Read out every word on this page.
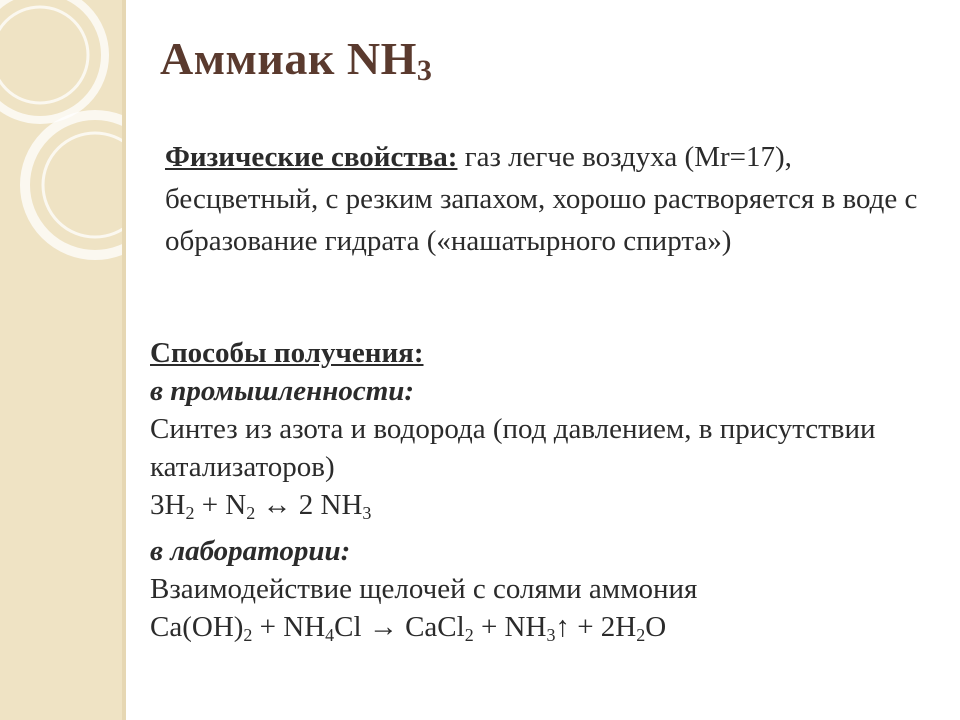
Аммиак $NH_3$

Физические свойства: газ легче воздуха (Mr=17), бесцветный, с резким запахом, хорошо растворяется в воде с образование гидрата («нашатырного спирта»)

Способы получения:

в промышленности:

Синтез из азота и водорода (под давлением, в присутствии катализаторов)

$3H_2 + N_2$ ↔ 2 $NH_3$

в лаборатории:

Взаимодействие щелочей с солями аммония

$Ca(OH)_2 + NH_4Cl$ → CaCl$_2$ + $NH_3↑ + 2H_2O$
